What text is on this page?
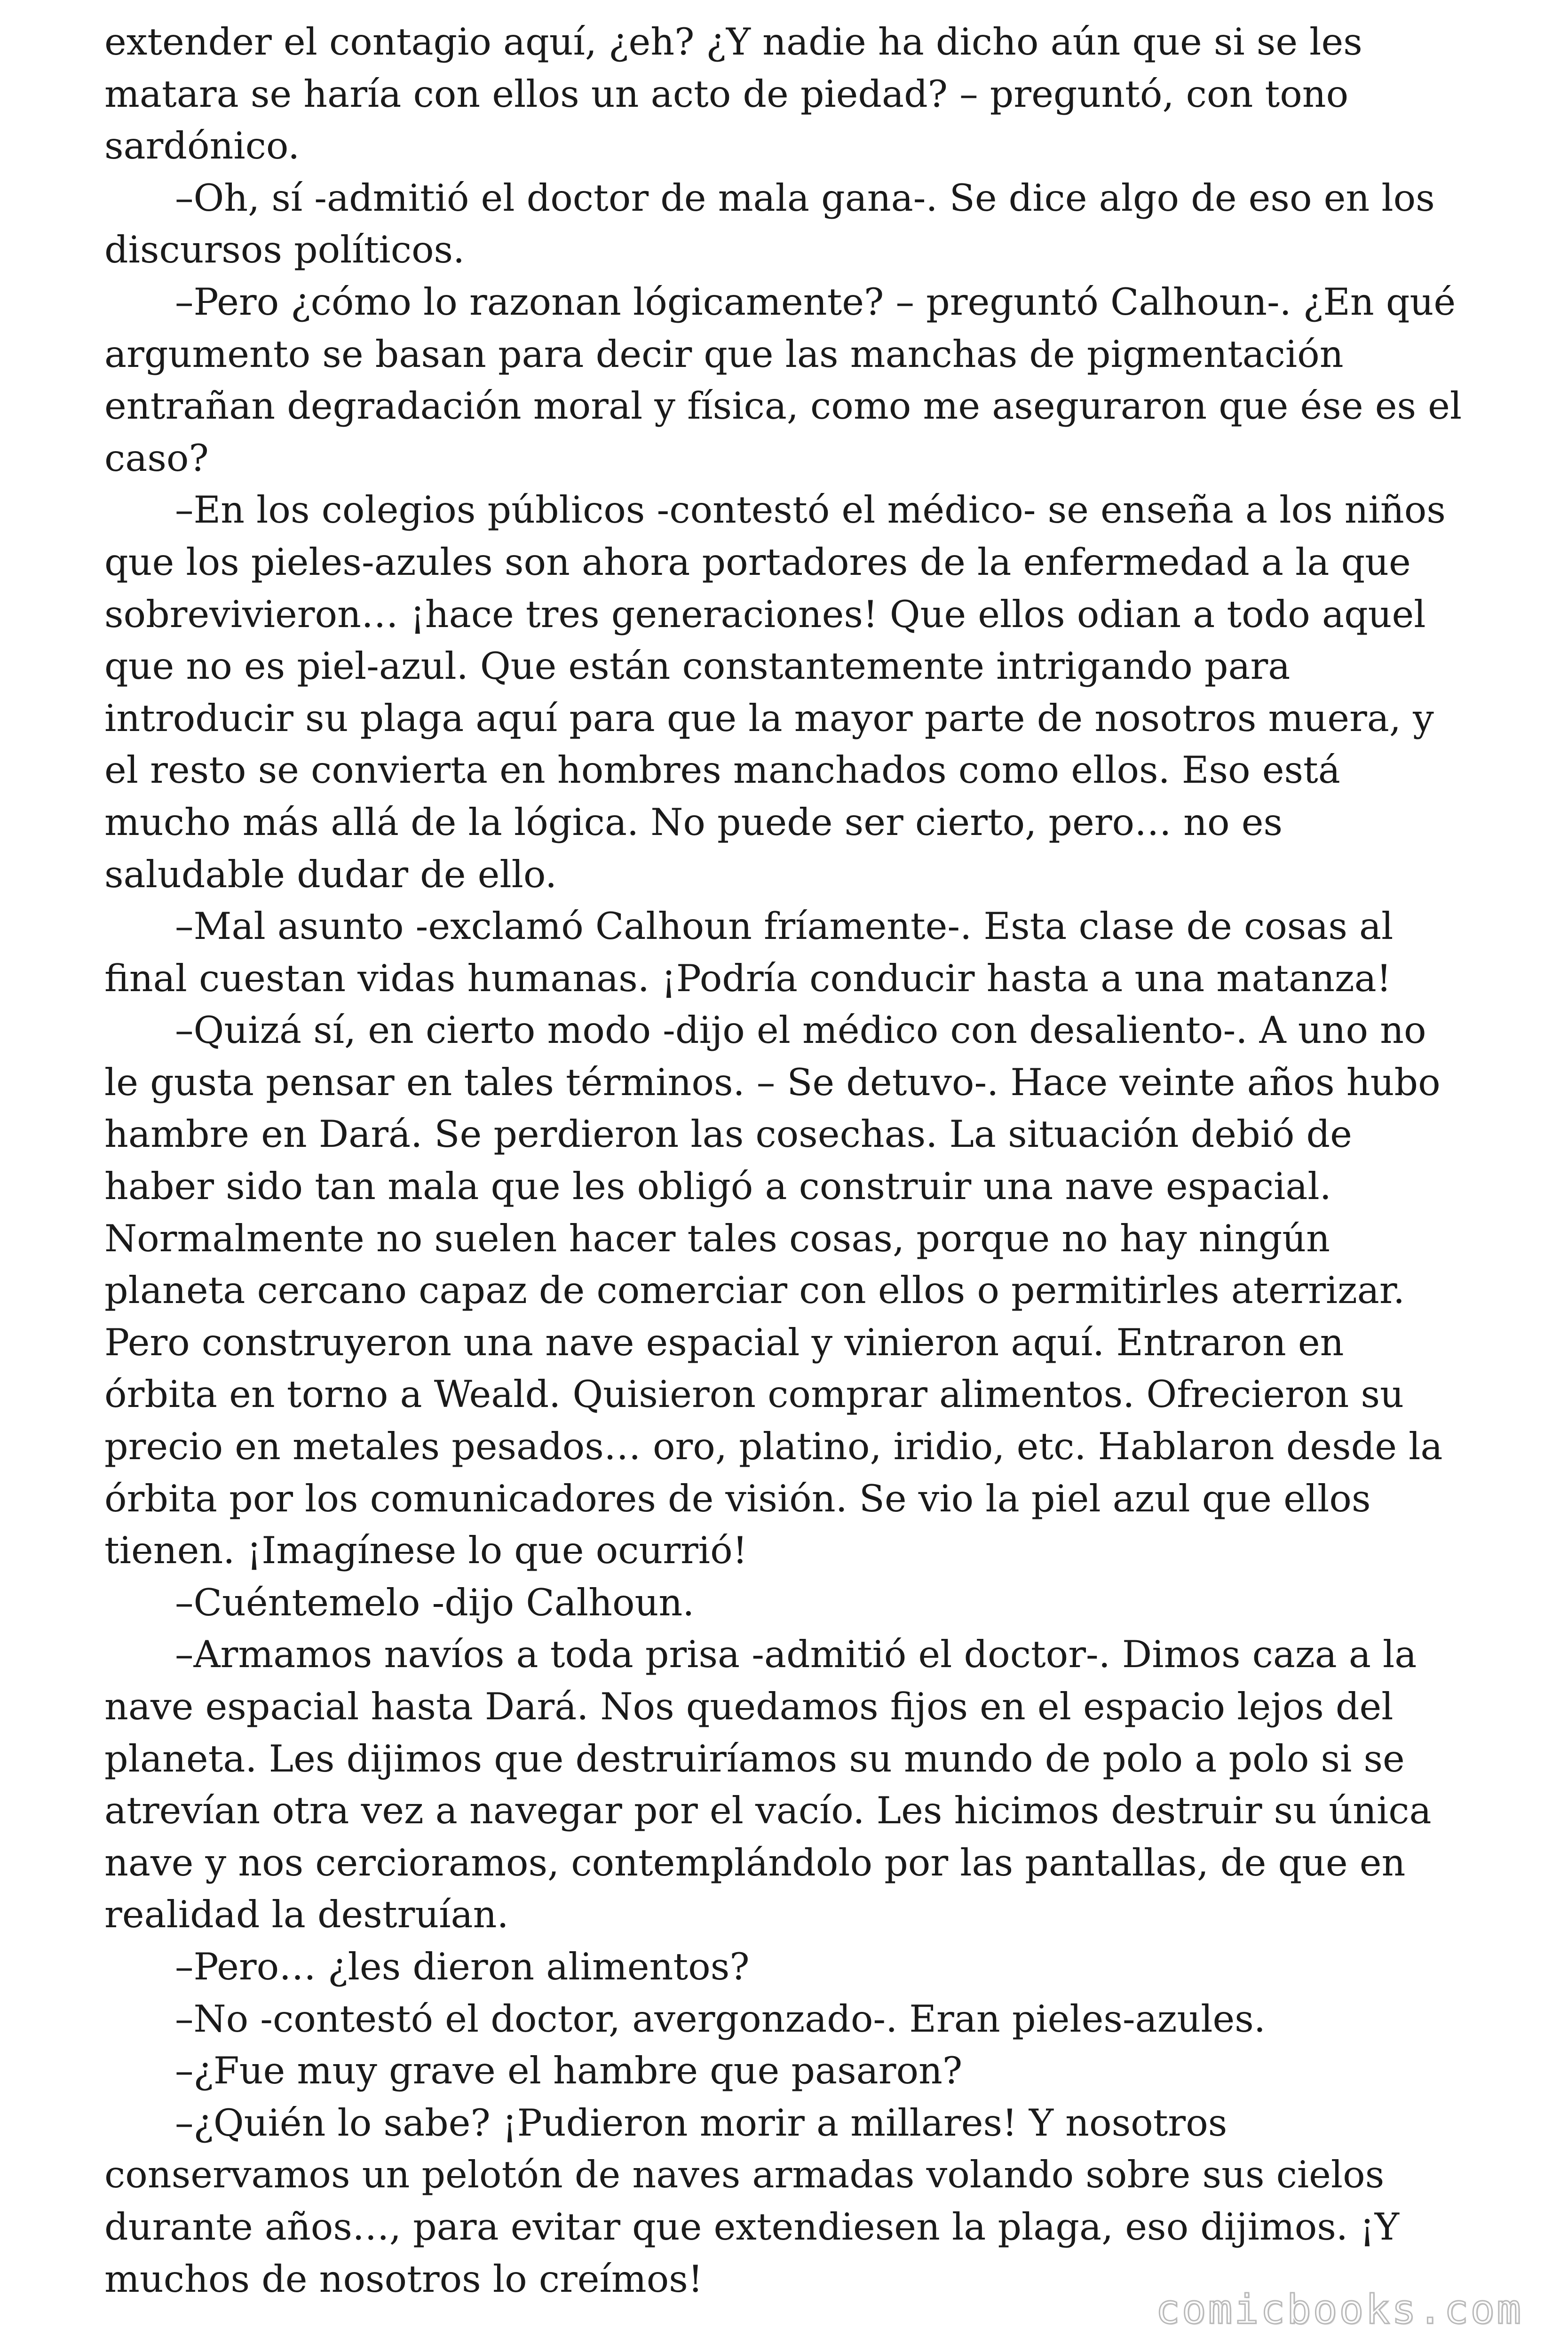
extender el contagio aquí, ¿eh? ¿Y nadie ha dicho aún que si se les matara se haría con ellos un acto de piedad? – preguntó, con tono sardónico.

–Oh, sí -admitió el doctor de mala gana-. Se dice algo de eso en los discursos políticos.

–Pero ¿cómo lo razonan lógicamente? – preguntó Calhoun-. ¿En qué argumento se basan para decir que las manchas de pigmentación entrañan degradación moral y física, como me aseguraron que ése es el caso?

–En los colegios públicos -contestó el médico- se enseña a los niños que los pieles-azules son ahora portadores de la enfermedad a la que sobrevivieron… ¡hace tres generaciones! Que ellos odian a todo aquel que no es piel-azul. Que están constantemente intrigando para introducir su plaga aquí para que la mayor parte de nosotros muera, y el resto se convierta en hombres manchados como ellos. Eso está mucho más allá de la lógica. No puede ser cierto, pero… no es saludable dudar de ello.

–Mal asunto -exclamó Calhoun fríamente-. Esta clase de cosas al final cuestan vidas humanas. ¡Podría conducir hasta a una matanza!

–Quizá sí, en cierto modo -dijo el médico con desaliento-. A uno no le gusta pensar en tales términos. – Se detuvo-. Hace veinte años hubo hambre en Dará. Se perdieron las cosechas. La situación debió de haber sido tan mala que les obligó a construir una nave espacial. Normalmente no suelen hacer tales cosas, porque no hay ningún planeta cercano capaz de comerciar con ellos o permitirles aterrizar. Pero construyeron una nave espacial y vinieron aquí. Entraron en órbita en torno a Weald. Quisieron comprar alimentos. Ofrecieron su precio en metales pesados… oro, platino, iridio, etc. Hablaron desde la órbita por los comunicadores de visión. Se vio la piel azul que ellos tienen. ¡Imagínese lo que ocurrió!

–Cuéntemelo -dijo Calhoun.

–Armamos navíos a toda prisa -admitió el doctor-. Dimos caza a la nave espacial hasta Dará. Nos quedamos fijos en el espacio lejos del planeta. Les dijimos que destruiríamos su mundo de polo a polo si se atrevían otra vez a navegar por el vacío. Les hicimos destruir su única nave y nos cercioramos, contemplándolo por las pantallas, de que en realidad la destruían.

–Pero… ¿les dieron alimentos?

–No -contestó el doctor, avergonzado-. Eran pieles-azules.

–¿Fue muy grave el hambre que pasaron?

–¿Quién lo sabe? ¡Pudieron morir a millares! Y nosotros conservamos un pelotón de naves armadas volando sobre sus cielos durante años…, para evitar que extendiesen la plaga, eso dijimos. ¡Y muchos de nosotros lo creímos!

comicbooks.com
